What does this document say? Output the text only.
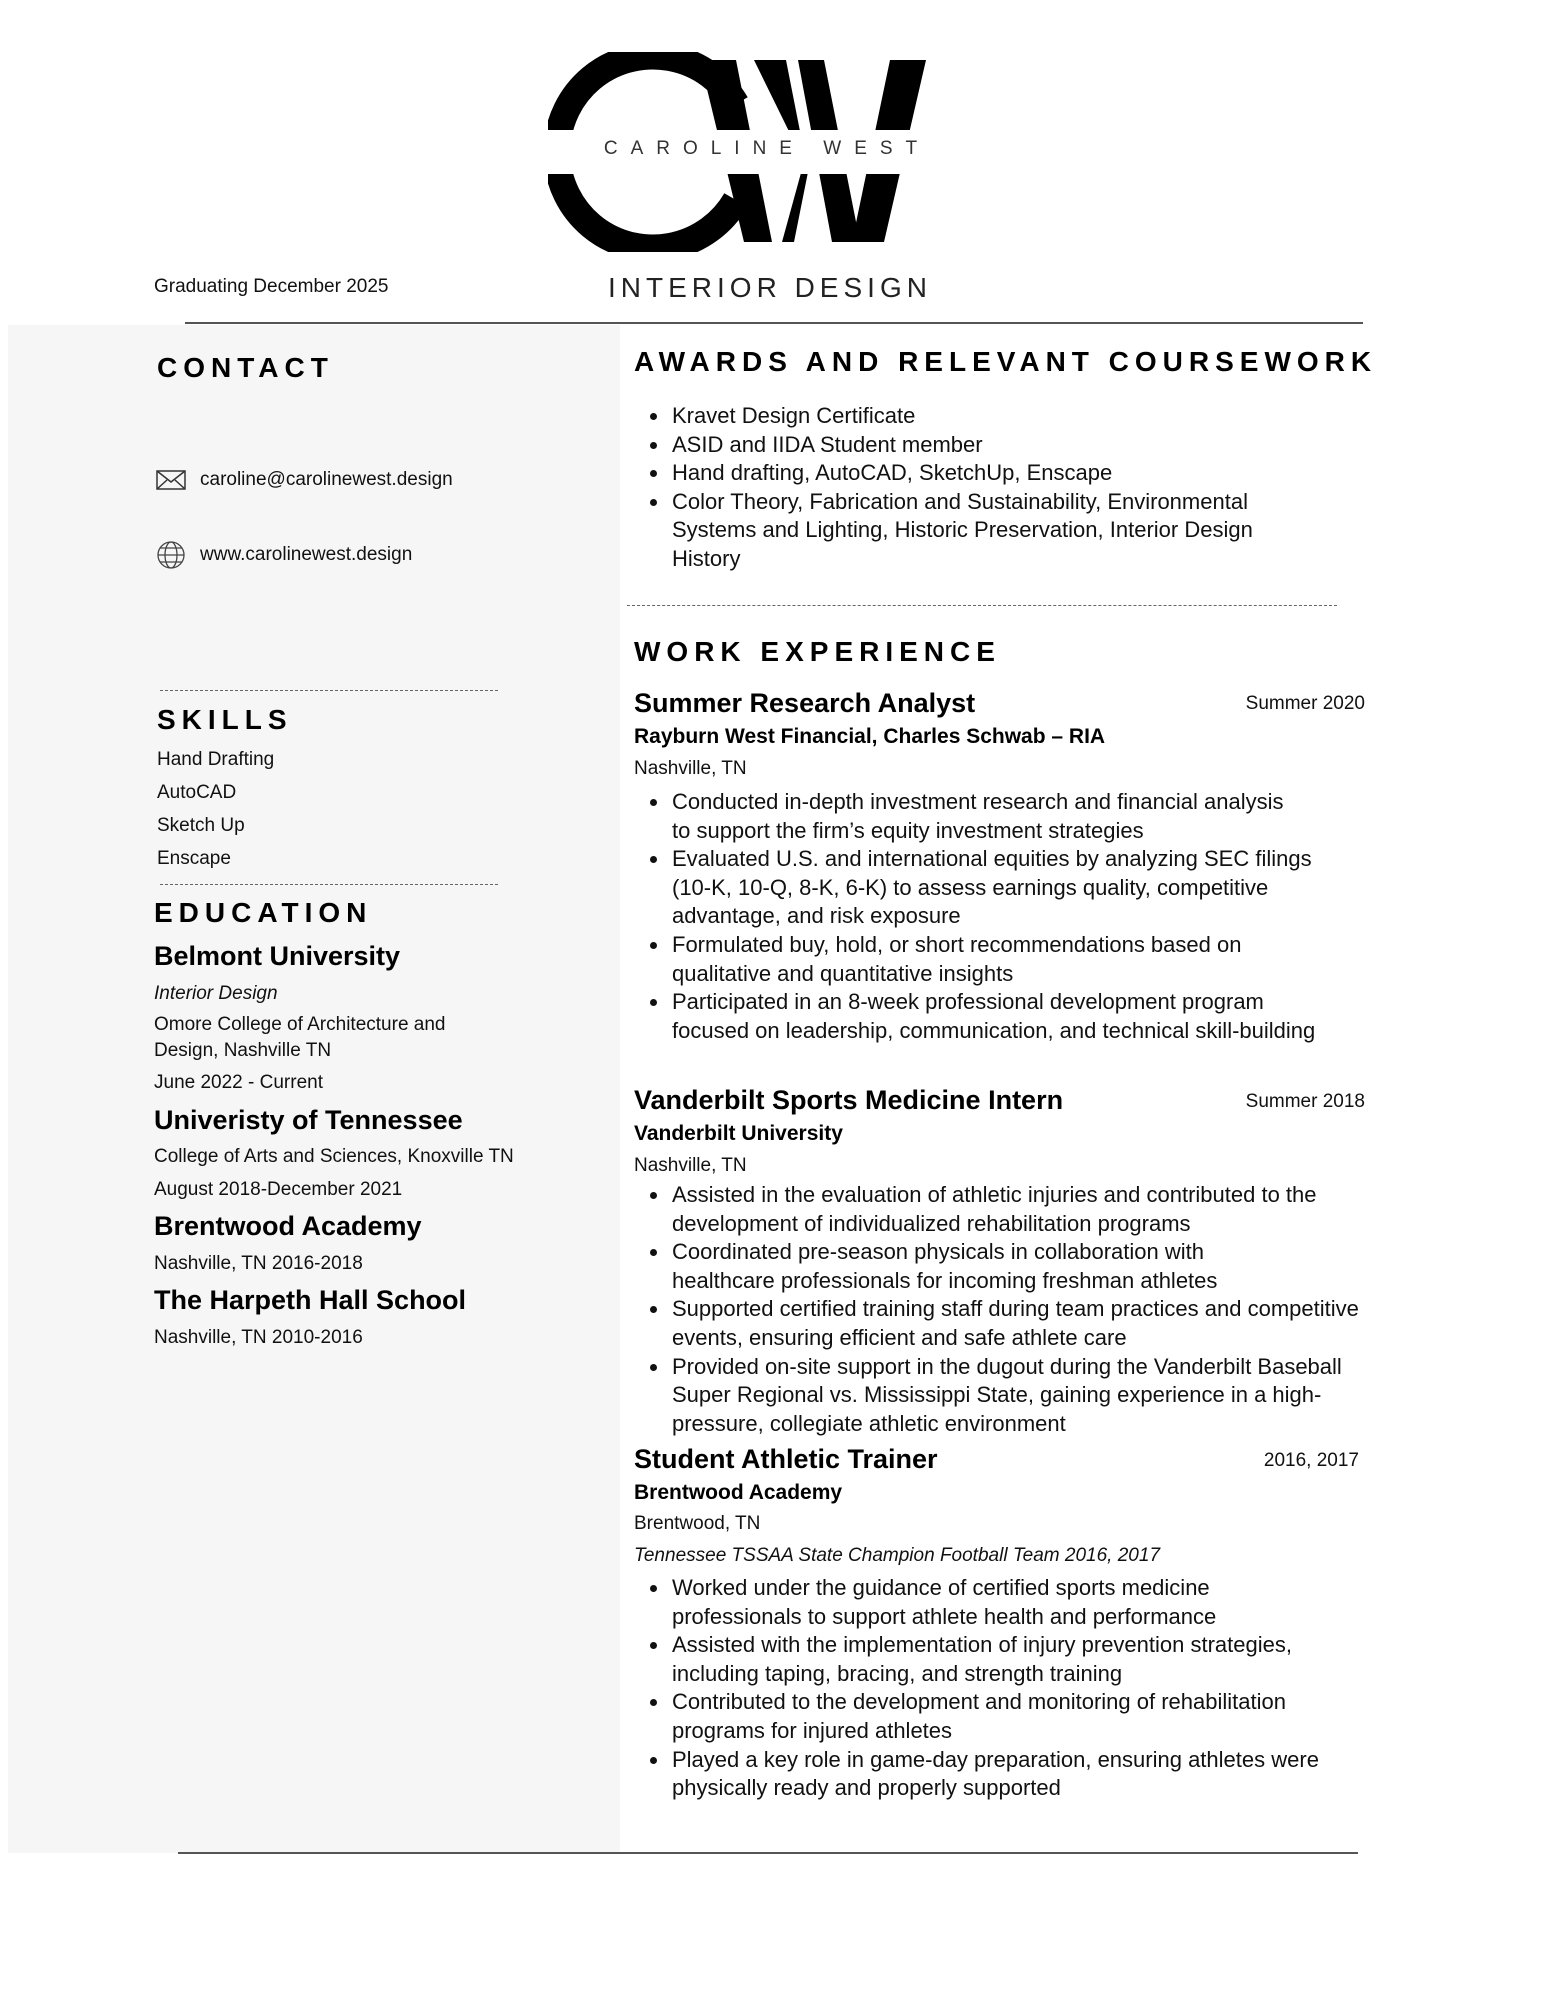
CAROLINE WEST
Graduating December 2025	INTERIOR DESIGN
CONTACT
caroline@carolinewest.design
www.carolinewest.design
SKILLS
Hand Drafting
AutoCAD
Sketch Up
Enscape
EDUCATION
Belmont University
Interior Design
Omore College of Architecture and Design, Nashville TN
June 2022 - Current
Univeristy of Tennessee
College of Arts and Sciences, Knoxville TN
August 2018-December 2021
Brentwood Academy
Nashville, TN 2016-2018
The Harpeth Hall School
Nashville, TN 2010-2016
AWARDS AND RELEVANT COURSEWORK
• Kravet Design Certificate
• ASID and IIDA Student member
• Hand drafting, AutoCAD, SketchUp, Enscape
• Color Theory, Fabrication and Sustainability, Environmental Systems and Lighting, Historic Preservation, Interior Design History
WORK EXPERIENCE
Summer Research Analyst	Summer 2020
Rayburn West Financial, Charles Schwab – RIA
Nashville, TN
• Conducted in-depth investment research and financial analysis to support the firm’s equity investment strategies
• Evaluated U.S. and international equities by analyzing SEC filings (10-K, 10-Q, 8-K, 6-K) to assess earnings quality, competitive advantage, and risk exposure
• Formulated buy, hold, or short recommendations based on qualitative and quantitative insights
• Participated in an 8-week professional development program focused on leadership, communication, and technical skill-building
Vanderbilt Sports Medicine Intern	Summer 2018
Vanderbilt University
Nashville, TN
• Assisted in the evaluation of athletic injuries and contributed to the development of individualized rehabilitation programs
• Coordinated pre-season physicals in collaboration with healthcare professionals for incoming freshman athletes
• Supported certified training staff during team practices and competitive events, ensuring efficient and safe athlete care
• Provided on-site support in the dugout during the Vanderbilt Baseball Super Regional vs. Mississippi State, gaining experience in a high-pressure, collegiate athletic environment
Student Athletic Trainer	2016, 2017
Brentwood Academy
Brentwood, TN
Tennessee TSSAA State Champion Football Team 2016, 2017
• Worked under the guidance of certified sports medicine professionals to support athlete health and performance
• Assisted with the implementation of injury prevention strategies, including taping, bracing, and strength training
• Contributed to the development and monitoring of rehabilitation programs for injured athletes
• Played a key role in game-day preparation, ensuring athletes were physically ready and properly supported
